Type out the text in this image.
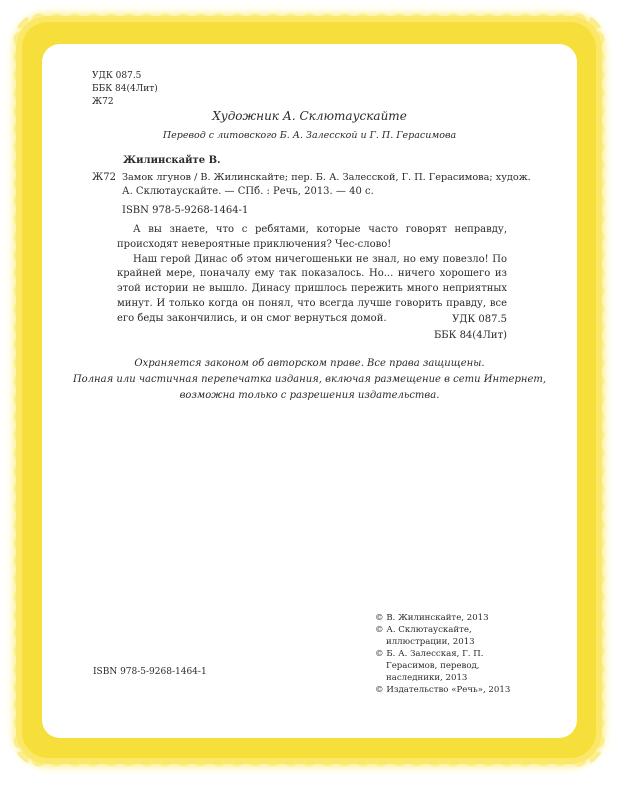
УДК 087.5
ББК 84(4Лит)
Ж72
Художник А. Склютаускайте
Перевод с литовского Б. А. Залесской и Г. П. Герасимова
Жилинскайте В.
Ж72 Замок лгунов / В. Жилинскайте; пер. Б. А. Залесской, Г. П. Герасимова; худож.
А. Склютаускайте. — СПб. : Речь, 2013. — 40 с.
ISBN 978-5-9268-1464-1

А вы знаете, что с ребятами, которые часто говорят неправду, происходят невероятные приключения? Чес-слово!

Наш герой Динас об этом ничегошеньки не знал, но ему повезло! По крайней мере, поначалу ему так показалось. Но... ничего хорошего из этой истории не вышло. Динасу пришлось пережить много неприятных минут. И только когда он понял, что всегда лучше говорить правду, все его беды закончились, и он смог вернуться домой.	УДК 087.5
ББК 84(4Лит)
Охраняется законом об авторском праве. Все права защищены.
Полная или частичная перепечатка издания, включая размещение в сети Интернет,
возможна только с разрешения издательства.
© В. Жилинскайте, 2013
© А. Склютаускайте, иллюстрации, 2013
© Б. А. Залесская, Г. П. Герасимов, перевод, наследники, 2013
© Издательство «Речь», 2013
ISBN 978-5-9268-1464-1
